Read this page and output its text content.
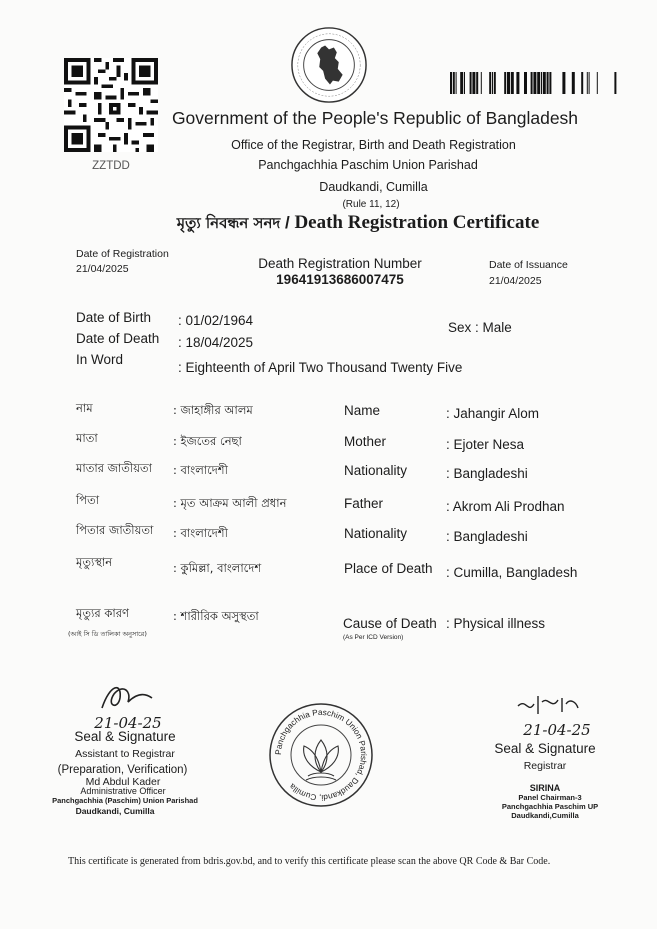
ZZTDD
Government of the People's Republic of Bangladesh
Office of the Registrar, Birth and Death Registration
Panchgachhia Paschim Union Parishad
Daudkandi, Cumilla
(Rule 11, 12)
মৃত্যু নিবন্ধন সনদ / Death Registration Certificate
Date of Registration
21/04/2025	Death Registration Number
19641913686007475
Date of Issuance
21/04/2025
Date of Birth : 01/02/1964
Date of Death : 18/04/2025
In Word
: Eighteenth of April Two Thousand Twenty Five
Sex : Male
নাম	: জাহাঙ্গীর আলম	Name	: Jahangir Alom
মাতা	: ইজতের নেছা	Mother	: Ejoter Nesa
মাতার জাতীয়তা : বাংলাদেশী	Nationality	: Bangladeshi
পিতা	: মৃত আক্রম আলী প্রধান	Father	: Akrom Ali Prodhan
পিতার জাতীয়তা : বাংলাদেশী	Nationality	: Bangladeshi
মৃত্যুস্থান	: কুমিল্লা, বাংলাদেশ	Place of Death : Cumilla, Bangladesh
মৃত্যুর কারণ	: শারীরিক অসুস্থতা	Cause of Death : Physical illness
(আই সি ডি তালিকা অনুসারে)	(As Per ICD Version)
21-04-25
Seal & Signature
Assistant to Registrar
(Preparation, Verification)
Md Abdul Kader
Administrative Officer
Panchgachhia (Paschim) Union Parishad
Daudkandi, Cumilla
Panchgachhia Paschim Union Parishad, Daudkandi, Cumilla
21-04-25
Seal & Signature
Registrar
SIRINA
Panel Chairman-3
Panchgachhia Paschim UP
Daudkandi,Cumilla
This certificate is generated from bdris.gov.bd, and to verify this certificate please scan the above QR Code & Bar Code.
